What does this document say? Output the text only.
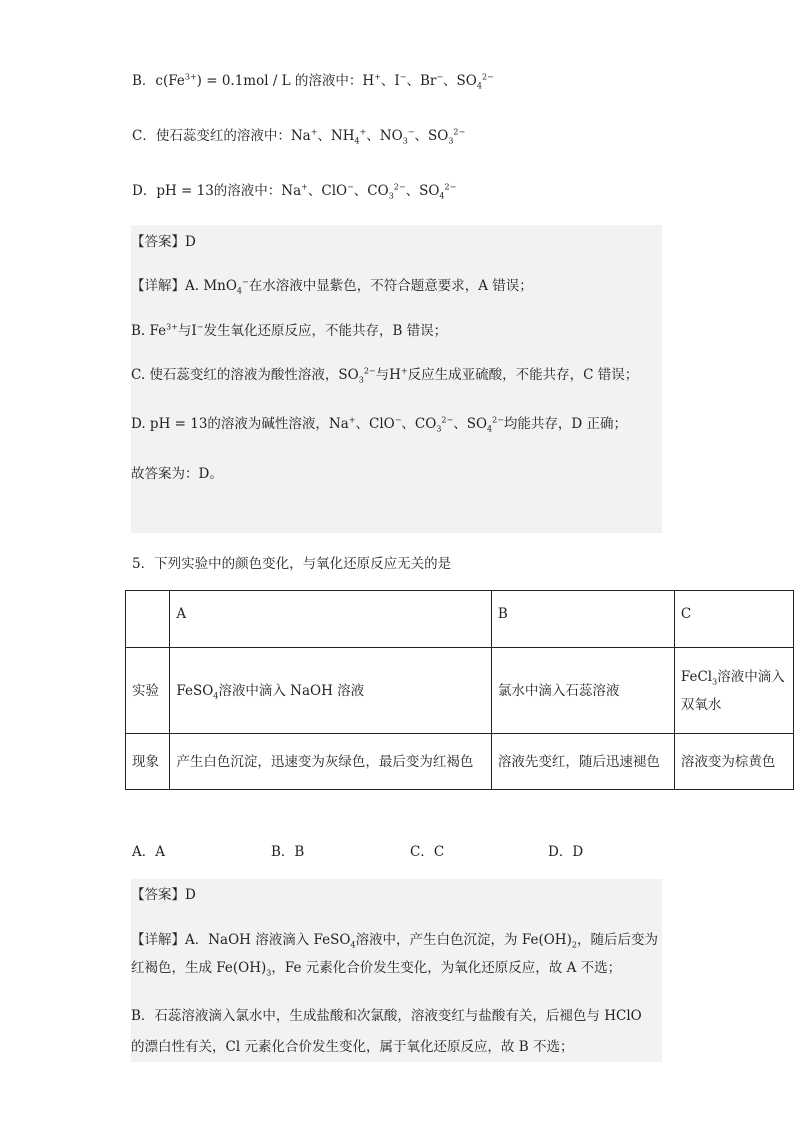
B．$c(Fe^{3+}) = 0.1mol / L$ 的溶液中：H+、I−、Br−、$SO_4^{2-}$
C．使石蕊变红的溶液中：Na+、$NH_4^+$、$NO_3^-$、$SO_3^{2-}$
D．pH = 13的溶液中：Na+、ClO−、$CO_3^{2-}$、$SO_4^{2-}$
【答案】D
【详解】A. MnO$_4$−在水溶液中显紫色，不符合题意要求，A 错误；
B. $Fe^{3+}$与I−发生氧化还原反应，不能共存，B 错误；
C. 使石蕊变红的溶液为酸性溶液，$SO_3^{2-}$与H+反应生成亚硫酸，不能共存，C 错误；
D. pH = 13的溶液为碱性溶液，Na+、ClO−、$CO_3^{2-}$、$SO_4^{2-}$均能共存，D 正确；
故答案为：D。
5．下列实验中的颜色变化，与氧化还原反应无关的是
	A	B	C
实验	FeSO$_4$溶液中滴入 NaOH 溶液	氯水中滴入石蕊溶液	FeCl$_3$溶液中滴入
双氧水
现象	产生白色沉淀，迅速变为灰绿色，最后变为红褐色	溶液先变红，随后迅速褪色	溶液变为棕黄色
A．A	B．B	C．C	D．D
【答案】D
【详解】A．NaOH 溶液滴入 FeSO$_4$溶液中，产生白色沉淀，为 $Fe(OH)_2$，随后后变为
红褐色，生成 $Fe(OH)_3$，Fe 元素化合价发生变化，为氧化还原反应，故 A 不选；
B．石蕊溶液滴入氯水中，生成盐酸和次氯酸，溶液变红与盐酸有关，后褪色与 HClO
的漂白性有关，Cl 元素化合价发生变化，属于氧化还原反应，故 B 不选；
